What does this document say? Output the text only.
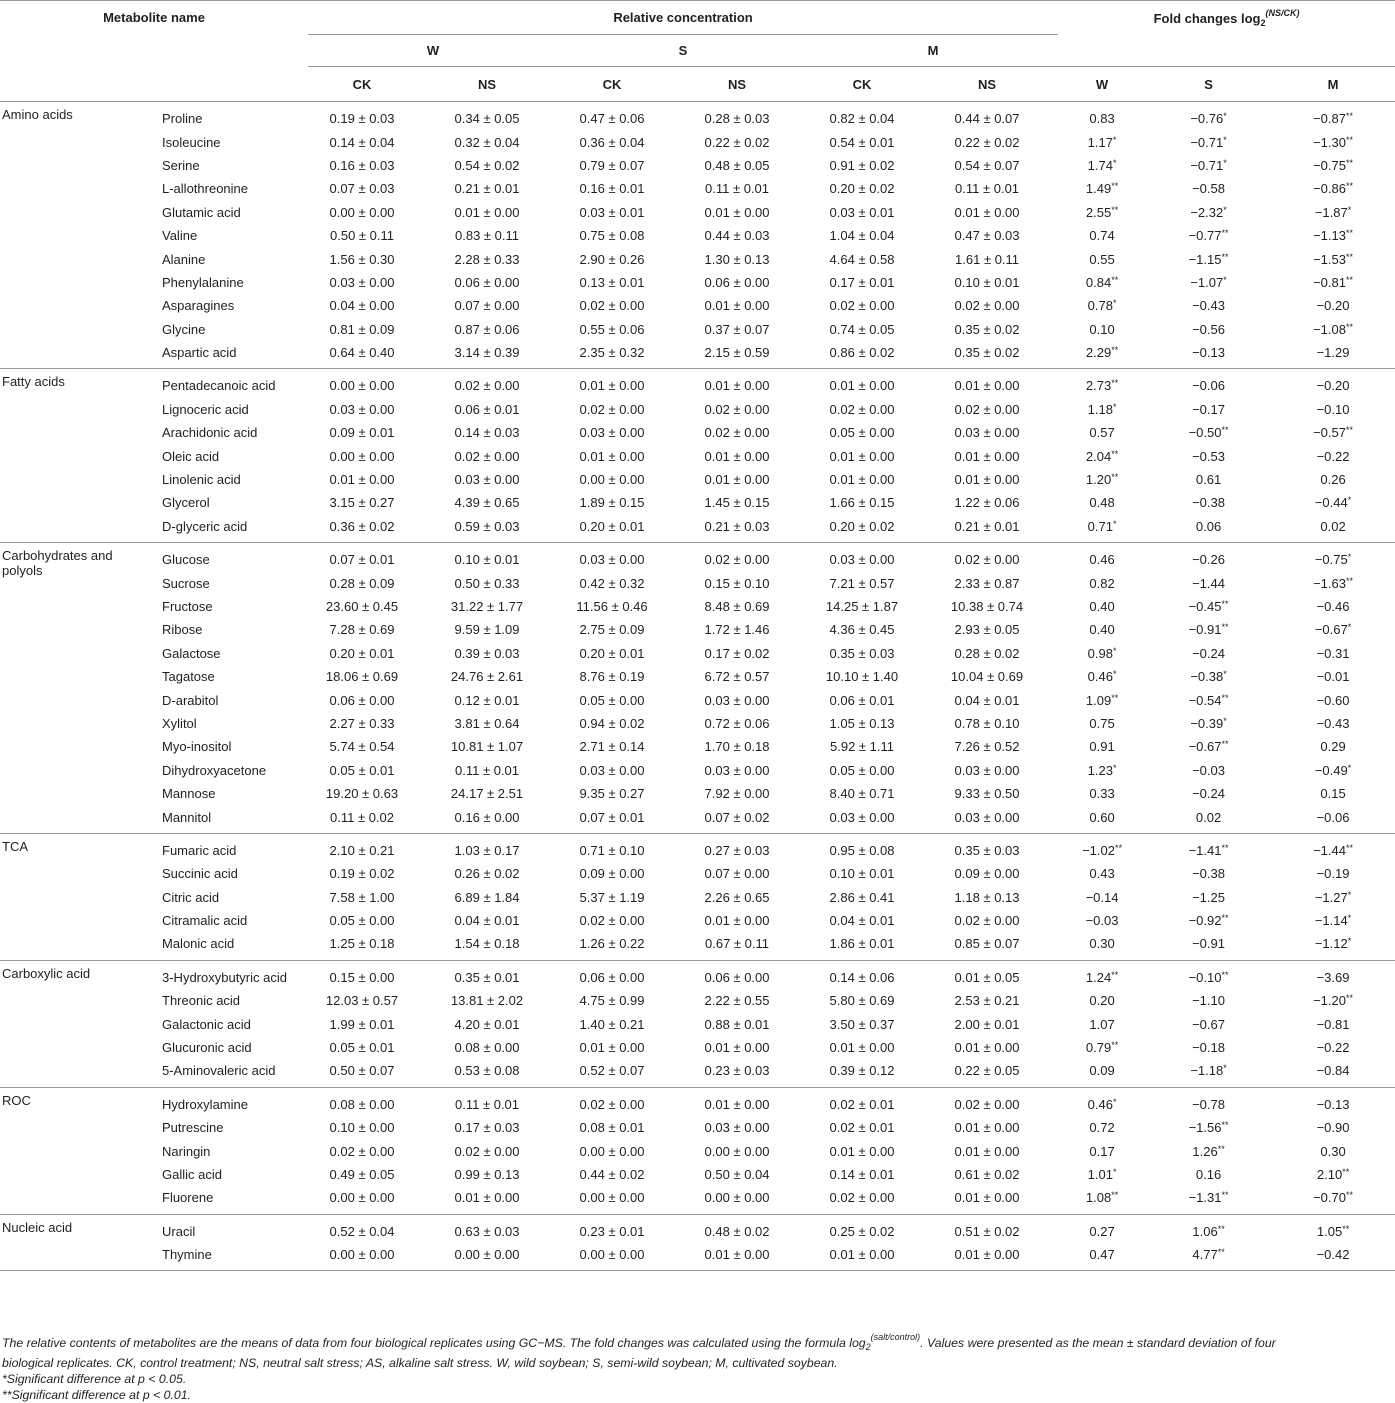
Metabolite name		Relative concentration						Fold changes $\log_2^{(NS/CK)}$
		W		S		M				
		CK	NS	CK	NS	CK	NS	W	S	M
Amino acids	Proline	0.19 ± 0.03	0.34 ± 0.05	0.47 ± 0.06	0.28 ± 0.03	0.82 ± 0.04	0.44 ± 0.07	0.83	−0.76*	−0.87**
	Isoleucine	0.14 ± 0.04	0.32 ± 0.04	0.36 ± 0.04	0.22 ± 0.02	0.54 ± 0.01	0.22 ± 0.02	1.17*	−0.71*	−1.30**
	Serine	0.16 ± 0.03	0.54 ± 0.02	0.79 ± 0.07	0.48 ± 0.05	0.91 ± 0.02	0.54 ± 0.07	1.74*	−0.71*	−0.75**
	L-allothreonine	0.07 ± 0.03	0.21 ± 0.01	0.16 ± 0.01	0.11 ± 0.01	0.20 ± 0.02	0.11 ± 0.01	1.49**	−0.58	−0.86**
	Glutamic acid	0.00 ± 0.00	0.01 ± 0.00	0.03 ± 0.01	0.01 ± 0.00	0.03 ± 0.01	0.01 ± 0.00	2.55**	−2.32*	−1.87*
	Valine	0.50 ± 0.11	0.83 ± 0.11	0.75 ± 0.08	0.44 ± 0.03	1.04 ± 0.04	0.47 ± 0.03	0.74	−0.77**	−1.13**
	Alanine	1.56 ± 0.30	2.28 ± 0.33	2.90 ± 0.26	1.30 ± 0.13	4.64 ± 0.58	1.61 ± 0.11	0.55	−1.15**	−1.53**
	Phenylalanine	0.03 ± 0.00	0.06 ± 0.00	0.13 ± 0.01	0.06 ± 0.00	0.17 ± 0.01	0.10 ± 0.01	0.84**	−1.07*	−0.81**
	Asparagines	0.04 ± 0.00	0.07 ± 0.00	0.02 ± 0.00	0.01 ± 0.00	0.02 ± 0.00	0.02 ± 0.00	0.78*	−0.43	−0.20
	Glycine	0.81 ± 0.09	0.87 ± 0.06	0.55 ± 0.06	0.37 ± 0.07	0.74 ± 0.05	0.35 ± 0.02	0.10	−0.56	−1.08**
	Aspartic acid	0.64 ± 0.40	3.14 ± 0.39	2.35 ± 0.32	2.15 ± 0.59	0.86 ± 0.02	0.35 ± 0.02	2.29**	−0.13	−1.29
Fatty acids	Pentadecanoic acid	0.00 ± 0.00	0.02 ± 0.00	0.01 ± 0.00	0.01 ± 0.00	0.01 ± 0.00	0.01 ± 0.00	2.73**	−0.06	−0.20
	Lignoceric acid	0.03 ± 0.00	0.06 ± 0.01	0.02 ± 0.00	0.02 ± 0.00	0.02 ± 0.00	0.02 ± 0.00	1.18*	−0.17	−0.10
	Arachidonic acid	0.09 ± 0.01	0.14 ± 0.03	0.03 ± 0.00	0.02 ± 0.00	0.05 ± 0.00	0.03 ± 0.00	0.57	−0.50**	−0.57**
	Oleic acid	0.00 ± 0.00	0.02 ± 0.00	0.01 ± 0.00	0.01 ± 0.00	0.01 ± 0.00	0.01 ± 0.00	2.04**	−0.53	−0.22
	Linolenic acid	0.01 ± 0.00	0.03 ± 0.00	0.00 ± 0.00	0.01 ± 0.00	0.01 ± 0.00	0.01 ± 0.00	1.20**	0.61	0.26
	Glycerol	3.15 ± 0.27	4.39 ± 0.65	1.89 ± 0.15	1.45 ± 0.15	1.66 ± 0.15	1.22 ± 0.06	0.48	−0.38	−0.44*
	D-glyceric acid	0.36 ± 0.02	0.59 ± 0.03	0.20 ± 0.01	0.21 ± 0.03	0.20 ± 0.02	0.21 ± 0.01	0.71*	0.06	0.02
Carbohydrates and polyols	Glucose	0.07 ± 0.01	0.10 ± 0.01	0.03 ± 0.00	0.02 ± 0.00	0.03 ± 0.00	0.02 ± 0.00	0.46	−0.26	−0.75*
	Sucrose	0.28 ± 0.09	0.50 ± 0.33	0.42 ± 0.32	0.15 ± 0.10	7.21 ± 0.57	2.33 ± 0.87	0.82	−1.44	−1.63**
	Fructose	23.60 ± 0.45	31.22 ± 1.77	11.56 ± 0.46	8.48 ± 0.69	14.25 ± 1.87	10.38 ± 0.74	0.40	−0.45**	−0.46
	Ribose	7.28 ± 0.69	9.59 ± 1.09	2.75 ± 0.09	1.72 ± 1.46	4.36 ± 0.45	2.93 ± 0.05	0.40	−0.91**	−0.67*
	Galactose	0.20 ± 0.01	0.39 ± 0.03	0.20 ± 0.01	0.17 ± 0.02	0.35 ± 0.03	0.28 ± 0.02	0.98*	−0.24	−0.31
	Tagatose	18.06 ± 0.69	24.76 ± 2.61	8.76 ± 0.19	6.72 ± 0.57	10.10 ± 1.40	10.04 ± 0.69	0.46*	−0.38*	−0.01
	D-arabitol	0.06 ± 0.00	0.12 ± 0.01	0.05 ± 0.00	0.03 ± 0.00	0.06 ± 0.01	0.04 ± 0.01	1.09**	−0.54**	−0.60
	Xylitol	2.27 ± 0.33	3.81 ± 0.64	0.94 ± 0.02	0.72 ± 0.06	1.05 ± 0.13	0.78 ± 0.10	0.75	−0.39*	−0.43
	Myo-inositol	5.74 ± 0.54	10.81 ± 1.07	2.71 ± 0.14	1.70 ± 0.18	5.92 ± 1.11	7.26 ± 0.52	0.91	−0.67**	0.29
	Dihydroxyacetone	0.05 ± 0.01	0.11 ± 0.01	0.03 ± 0.00	0.03 ± 0.00	0.05 ± 0.00	0.03 ± 0.00	1.23*	−0.03	−0.49*
	Mannose	19.20 ± 0.63	24.17 ± 2.51	9.35 ± 0.27	7.92 ± 0.00	8.40 ± 0.71	9.33 ± 0.50	0.33	−0.24	0.15
	Mannitol	0.11 ± 0.02	0.16 ± 0.00	0.07 ± 0.01	0.07 ± 0.02	0.03 ± 0.00	0.03 ± 0.00	0.60	0.02	−0.06
TCA	Fumaric acid	2.10 ± 0.21	1.03 ± 0.17	0.71 ± 0.10	0.27 ± 0.03	0.95 ± 0.08	0.35 ± 0.03	−1.02**	−1.41**	−1.44**
	Succinic acid	0.19 ± 0.02	0.26 ± 0.02	0.09 ± 0.00	0.07 ± 0.00	0.10 ± 0.01	0.09 ± 0.00	0.43	−0.38	−0.19
	Citric acid	7.58 ± 1.00	6.89 ± 1.84	5.37 ± 1.19	2.26 ± 0.65	2.86 ± 0.41	1.18 ± 0.13	−0.14	−1.25	−1.27*
	Citramalic acid	0.05 ± 0.00	0.04 ± 0.01	0.02 ± 0.00	0.01 ± 0.00	0.04 ± 0.01	0.02 ± 0.00	−0.03	−0.92**	−1.14*
	Malonic acid	1.25 ± 0.18	1.54 ± 0.18	1.26 ± 0.22	0.67 ± 0.11	1.86 ± 0.01	0.85 ± 0.07	0.30	−0.91	−1.12*
Carboxylic acid	3-Hydroxybutyric acid	0.15 ± 0.00	0.35 ± 0.01	0.06 ± 0.00	0.06 ± 0.00	0.14 ± 0.06	0.01 ± 0.05	1.24**	−0.10**	−3.69
	Threonic acid	12.03 ± 0.57	13.81 ± 2.02	4.75 ± 0.99	2.22 ± 0.55	5.80 ± 0.69	2.53 ± 0.21	0.20	−1.10	−1.20**
	Galactonic acid	1.99 ± 0.01	4.20 ± 0.01	1.40 ± 0.21	0.88 ± 0.01	3.50 ± 0.37	2.00 ± 0.01	1.07	−0.67	−0.81
	Glucuronic acid	0.05 ± 0.01	0.08 ± 0.00	0.01 ± 0.00	0.01 ± 0.00	0.01 ± 0.00	0.01 ± 0.00	0.79**	−0.18	−0.22
	5-Aminovaleric acid	0.50 ± 0.07	0.53 ± 0.08	0.52 ± 0.07	0.23 ± 0.03	0.39 ± 0.12	0.22 ± 0.05	0.09	−1.18*	−0.84
ROC	Hydroxylamine	0.08 ± 0.00	0.11 ± 0.01	0.02 ± 0.00	0.01 ± 0.00	0.02 ± 0.01	0.02 ± 0.00	0.46*	−0.78	−0.13
	Putrescine	0.10 ± 0.00	0.17 ± 0.03	0.08 ± 0.01	0.03 ± 0.00	0.02 ± 0.01	0.01 ± 0.00	0.72	−1.56**	−0.90
	Naringin	0.02 ± 0.00	0.02 ± 0.00	0.00 ± 0.00	0.00 ± 0.00	0.01 ± 0.00	0.01 ± 0.00	0.17	1.26**	0.30
	Gallic acid	0.49 ± 0.05	0.99 ± 0.13	0.44 ± 0.02	0.50 ± 0.04	0.14 ± 0.01	0.61 ± 0.02	1.01*	0.16	2.10**
	Fluorene	0.00 ± 0.00	0.01 ± 0.00	0.00 ± 0.00	0.00 ± 0.00	0.02 ± 0.00	0.01 ± 0.00	1.08**	−1.31**	−0.70**
Nucleic acid	Uracil	0.52 ± 0.04	0.63 ± 0.03	0.23 ± 0.01	0.48 ± 0.02	0.25 ± 0.02	0.51 ± 0.02	0.27	1.06**	1.05**
	Thymine	0.00 ± 0.00	0.00 ± 0.00	0.00 ± 0.00	0.01 ± 0.00	0.01 ± 0.00	0.01 ± 0.00	0.47	4.77**	−0.42

The relative contents of metabolites are the means of data from four biological replicates using GC−MS. The fold changes was calculated using the formula $\log_2^{(salt/control)}$. Values were presented as the mean ± standard deviation of four biological replicates. CK, control treatment; NS, neutral salt stress; AS, alkaline salt stress. W, wild soybean; S, semi-wild soybean; M, cultivated soybean.

*Significant difference at p < 0.05.

**Significant difference at p < 0.01.
